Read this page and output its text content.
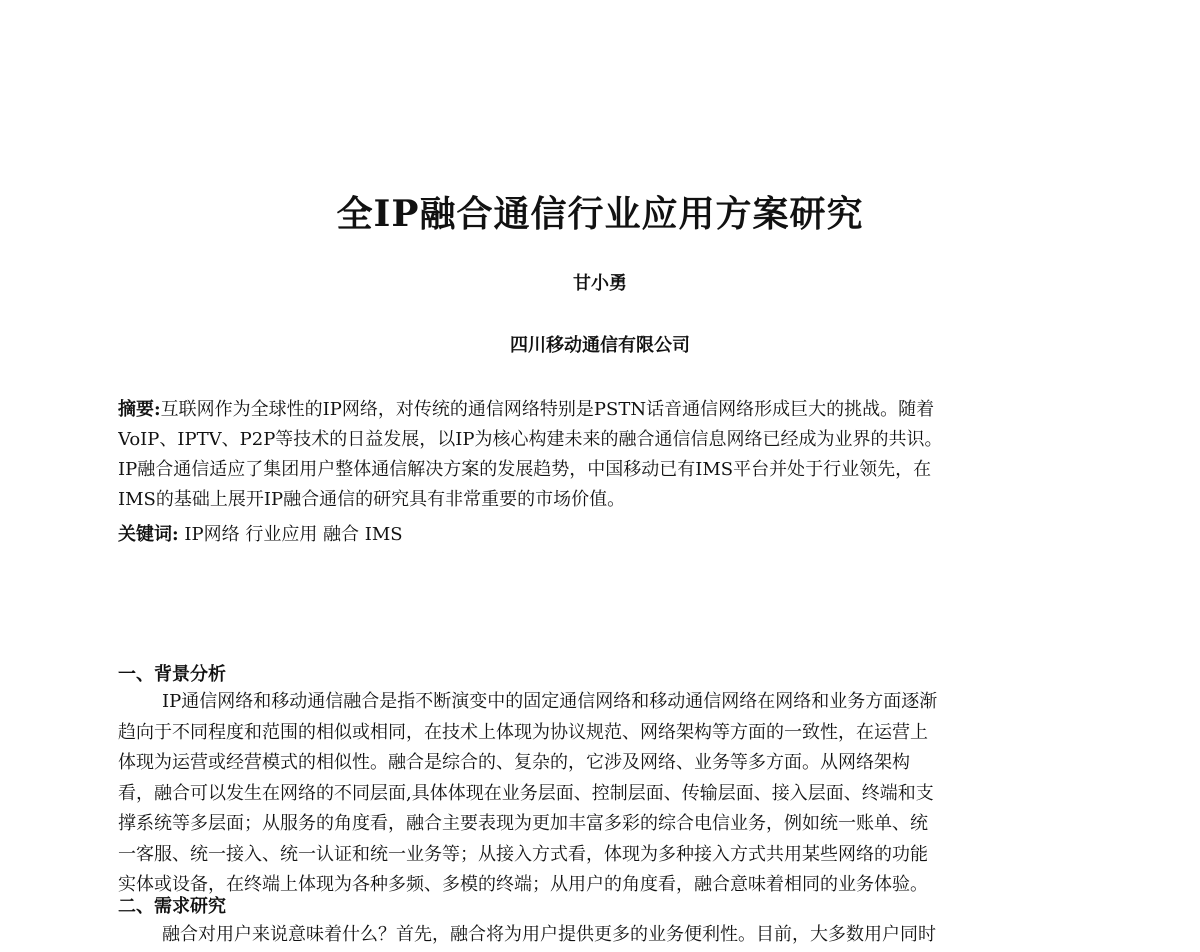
全IP融合通信行业应用方案研究
甘小勇
四川移动通信有限公司
摘要:互联网作为全球性的IP网络，对传统的通信网络特别是PSTN话音通信网络形成巨大的挑战。随着
VoIP、IPTV、P2P等技术的日益发展，以IP为核心构建未来的融合通信信息网络已经成为业界的共识。
IP融合通信适应了集团用户整体通信解决方案的发展趋势，中国移动已有IMS平台并处于行业领先，在
IMS的基础上展开IP融合通信的研究具有非常重要的市场价值。
关键词: IP网络 行业应用 融合 IMS
一、背景分析
IP通信网络和移动通信融合是指不断演变中的固定通信网络和移动通信网络在网络和业务方面逐渐
趋向于不同程度和范围的相似或相同，在技术上体现为协议规范、网络架构等方面的一致性，在运营上
体现为运营或经营模式的相似性。融合是综合的、复杂的，它涉及网络、业务等多方面。从网络架构
看，融合可以发生在网络的不同层面,具体体现在业务层面、控制层面、传输层面、接入层面、终端和支
撑系统等多层面；从服务的角度看，融合主要表现为更加丰富多彩的综合电信业务，例如统一账单、统
一客服、统一接入、统一认证和统一业务等；从接入方式看，体现为多种接入方式共用某些网络的功能
实体或设备，在终端上体现为各种多频、多模的终端；从用户的角度看，融合意味着相同的业务体验。
二、需求研究
融合对用户来说意味着什么？首先，融合将为用户提供更多的业务便利性。目前，大多数用户同时
